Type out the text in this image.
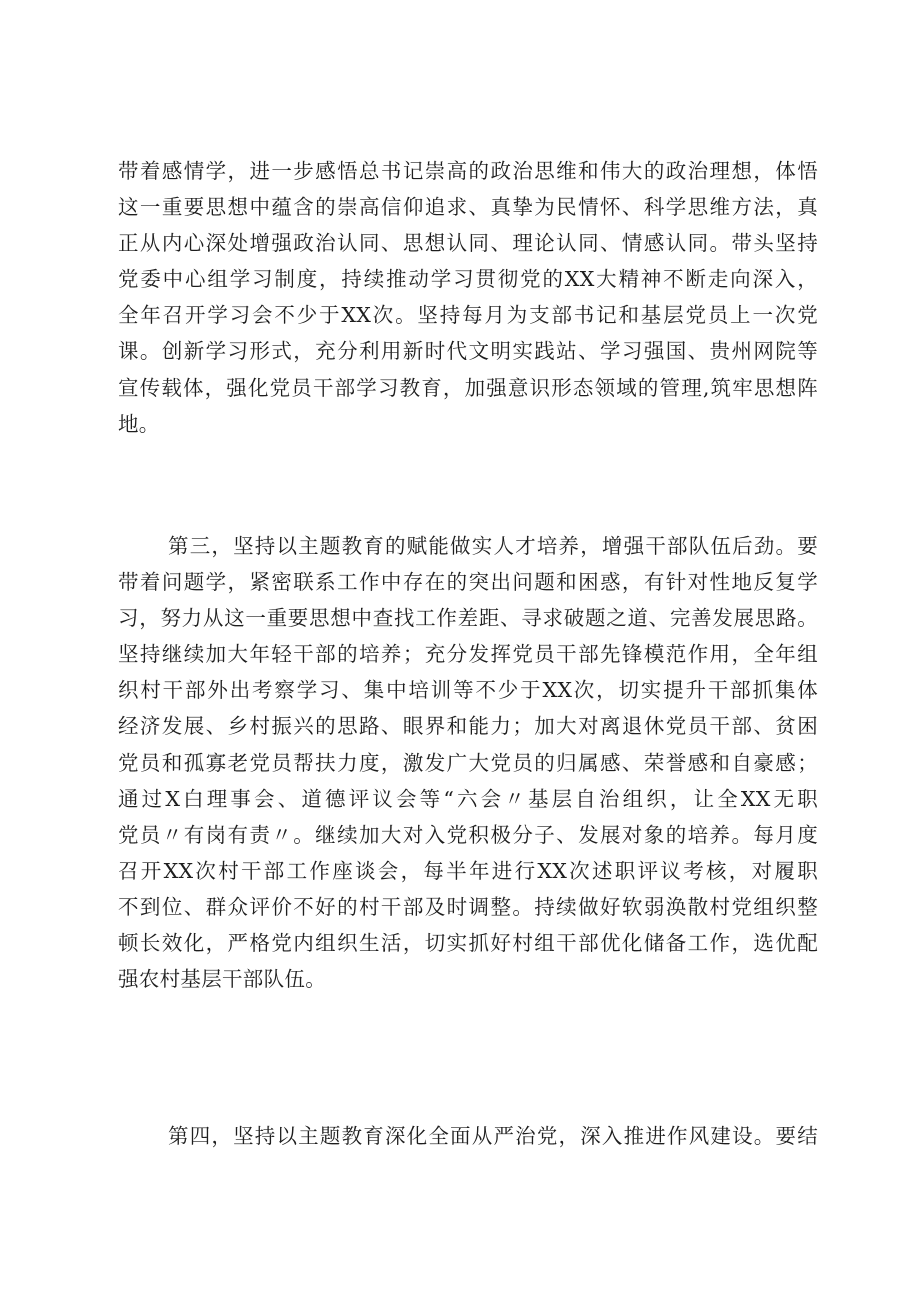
带着感情学，进一步感悟总书记崇高的政治思维和伟大的政治理想，体悟
这一重要思想中蕴含的崇高信仰追求、真挚为民情怀、科学思维方法，真
正从内心深处增强政治认同、思想认同、理论认同、情感认同。带头坚持
党委中心组学习制度，持续推动学习贯彻党的XX大精神不断走向深入，
全年召开学习会不少于XX次。坚持每月为支部书记和基层党员上一次党
课。创新学习形式，充分利用新时代文明实践站、学习强国、贵州网院等
宣传载体，强化党员干部学习教育，加强意识形态领域的管理,筑牢思想阵
地。
第三，坚持以主题教育的赋能做实人才培养，增强干部队伍后劲。要
带着问题学，紧密联系工作中存在的突出问题和困惑，有针对性地反复学
习，努力从这一重要思想中查找工作差距、寻求破题之道、完善发展思路。
坚持继续加大年轻干部的培养；充分发挥党员干部先锋模范作用，全年组
织村干部外出考察学习、集中培训等不少于XX次，切实提升干部抓集体
经济发展、乡村振兴的思路、眼界和能力；加大对离退休党员干部、贫困
党员和孤寡老党员帮扶力度，激发广大党员的归属感、荣誉感和自豪感；
通过X白理事会、道德评议会等“六会〃基层自治组织，让全XX无职
党员〃有岗有责〃。继续加大对入党积极分子、发展对象的培养。每月度
召开XX次村干部工作座谈会，每半年进行XX次述职评议考核，对履职
不到位、群众评价不好的村干部及时调整。持续做好软弱涣散村党组织整
顿长效化，严格党内组织生活，切实抓好村组干部优化储备工作，选优配
强农村基层干部队伍。
第四，坚持以主题教育深化全面从严治党，深入推进作风建设。要结
